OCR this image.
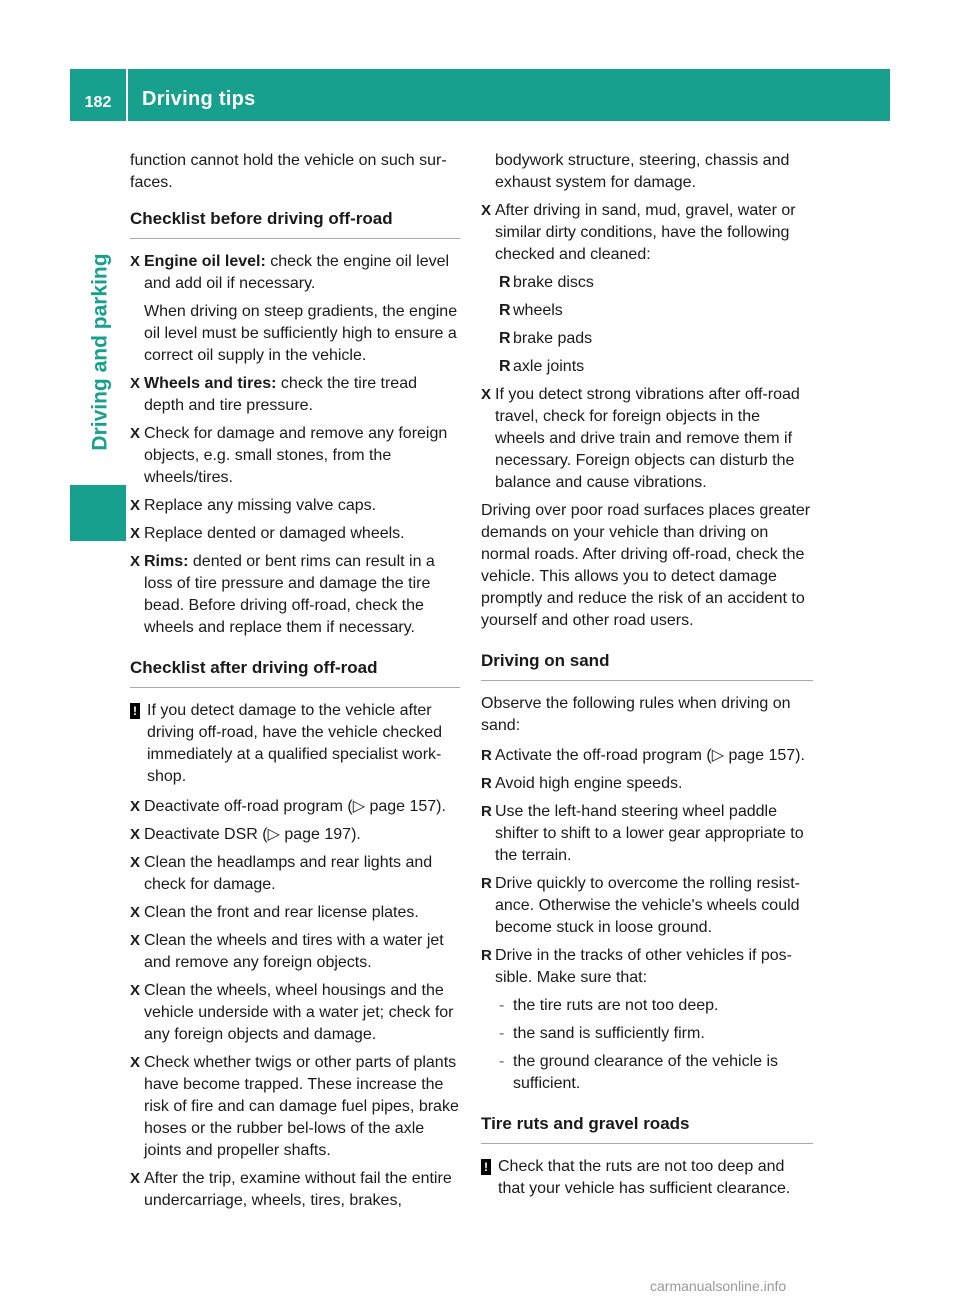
182	Driving tips
Driving and parking

function cannot hold the vehicle on such sur-faces.

Checklist before driving off-road
X Engine oil level: check the engine oil level and add oil if necessary.
When driving on steep gradients, the engine oil level must be sufficiently high to ensure a correct oil supply in the vehicle.
X Wheels and tires: check the tire tread depth and tire pressure.
X Check for damage and remove any foreign objects, e.g. small stones, from the wheels/tires.
X Replace any missing valve caps.
X Replace dented or damaged wheels.
X Rims: dented or bent rims can result in a loss of tire pressure and damage the tire bead. Before driving off-road, check the wheels and replace them if necessary.
Checklist after driving off-road
! If you detect damage to the vehicle after driving off-road, have the vehicle checked immediately at a qualified specialist work-shop.
X Deactivate off-road program (▷ page 157).
X Deactivate DSR (▷ page 197).
X Clean the headlamps and rear lights and check for damage.
X Clean the front and rear license plates.
X Clean the wheels and tires with a water jet and remove any foreign objects.
X Clean the wheels, wheel housings and the vehicle underside with a water jet; check for any foreign objects and damage.
X Check whether twigs or other parts of plants have become trapped. These increase the risk of fire and can damage fuel pipes, brake hoses or the rubber bel-lows of the axle joints and propeller shafts.
X After the trip, examine without fail the entire undercarriage, wheels, tires, brakes,
bodywork structure, steering, chassis and exhaust system for damage.
X After driving in sand, mud, gravel, water or similar dirty conditions, have the following checked and cleaned:
R brake discs
R wheels
R brake pads
R axle joints
X If you detect strong vibrations after off-road travel, check for foreign objects in the wheels and drive train and remove them if necessary. Foreign objects can disturb the balance and cause vibrations.

Driving over poor road surfaces places greater demands on your vehicle than driving on normal roads. After driving off-road, check the vehicle. This allows you to detect damage promptly and reduce the risk of an accident to yourself and other road users.

Driving on sand

Observe the following rules when driving on sand:

R Activate the off-road program (▷ page 157).
R Avoid high engine speeds.
R Use the left-hand steering wheel paddle shifter to shift to a lower gear appropriate to the terrain.
R Drive quickly to overcome the rolling resist-ance. Otherwise the vehicle's wheels could become stuck in loose ground.
R Drive in the tracks of other vehicles if pos-sible. Make sure that:
- the tire ruts are not too deep.
- the sand is sufficiently firm.
- the ground clearance of the vehicle is sufficient.
Tire ruts and gravel roads
! Check that the ruts are not too deep and that your vehicle has sufficient clearance.
carmanualsonline.info
